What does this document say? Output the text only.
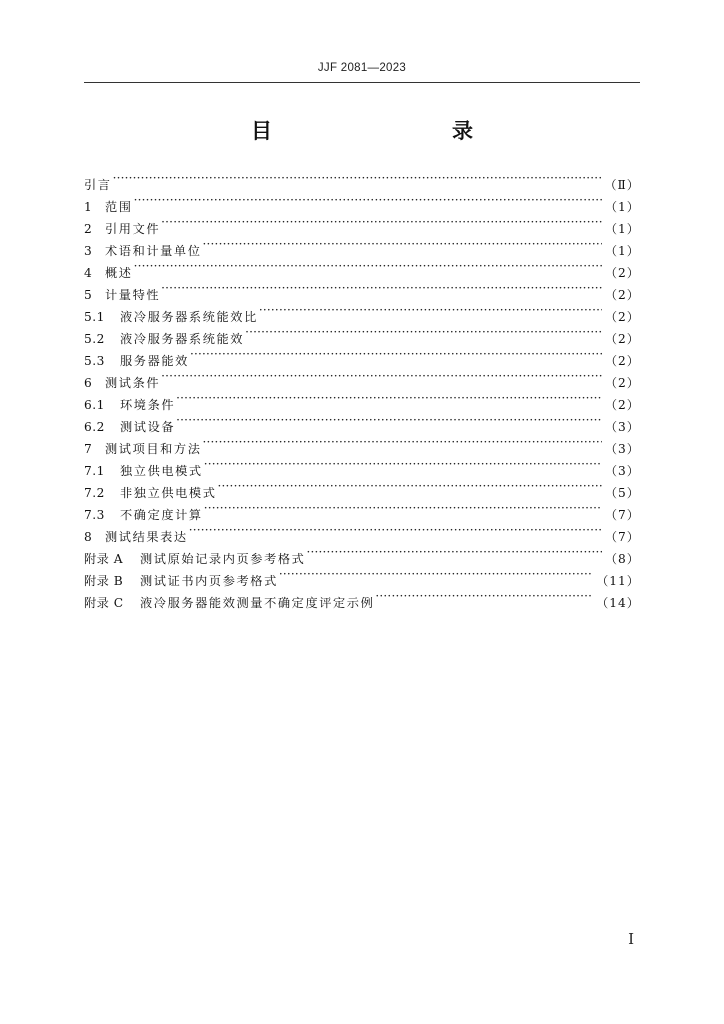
JJF 2081—2023
目　　录
引言 ·····	（Ⅱ）
1	范围 ·····	（1）
2	引用文件 ·····	（1）
3	术语和计量单位 ·····	（1）
4	概述 ·····	（2）
5	计量特性 ·····	（2）
5.1	液冷服务器系统能效比 ·····	（2）
5.2	液冷服务器系统能效 ·····	（2）
5.3	服务器能效 ·····	（2）
6	测试条件 ·····	（2）
6.1	环境条件 ·····	（2）
6.2	测试设备 ·····	（3）
7	测试项目和方法 ·····	（3）
7.1	独立供电模式 ·····	（3）
7.2	非独立供电模式 ·····	（5）
7.3	不确定度计算 ·····	（7）
8	测试结果表达 ·····	（7）
附录 A	测试原始记录内页参考格式 ·····	（8）
附录 B	测试证书内页参考格式 ·····	（11）
附录 C	液冷服务器能效测量不确定度评定示例 ·····	（14）
I
